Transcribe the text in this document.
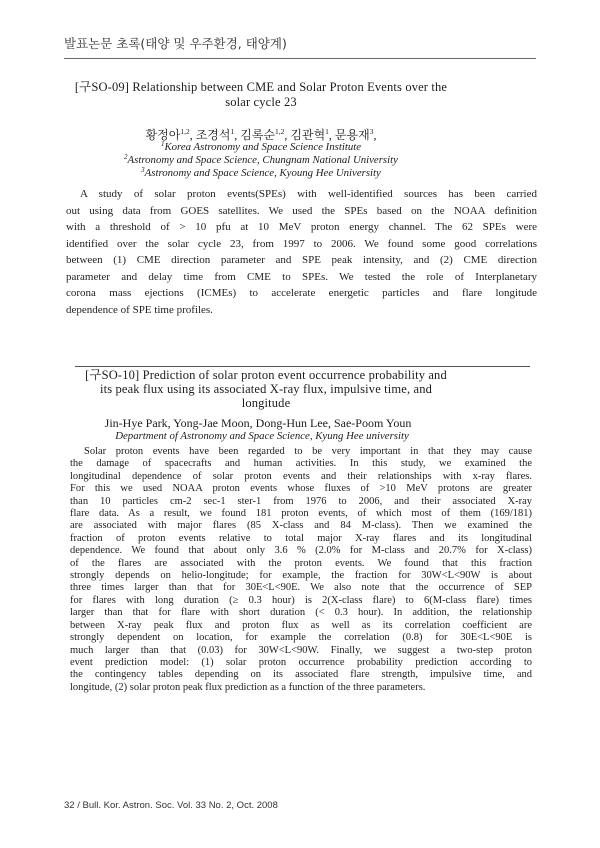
발표논문 초록(태양 및 우주환경, 태양계)
[구SO-09] Relationship between CME and Solar Proton Events over the
solar cycle 23
황정아$^{1,2}$, 조경석$^1$, 김록순$^{1,2}$, 김관혁$^1$, 문용재$^3$,
$^1$Korea Astronomy and Space Science Institute
$^2$Astronomy and Space Science, Chungnam National University
$^3$Astronomy and Space Science, Kyoung Hee University
A study of solar proton events(SPEs) with well-identified sources has been carried
out using data from GOES satellites. We used the SPEs based on the NOAA definition
with a threshold of > 10 pfu at 10 MeV proton energy channel. The 62 SPEs were
identified over the solar cycle 23, from 1997 to 2006. We found some good correlations
between (1) CME direction parameter and SPE peak intensity, and (2) CME direction
parameter and delay time from CME to SPEs. We tested the role of Interplanetary
corona mass ejections (ICMEs) to accelerate energetic particles and flare longitude
dependence of SPE time profiles.
[구SO-10] Prediction of solar proton event occurrence probability and
its peak flux using its associated X-ray flux, impulsive time, and
longitude
Jin-Hye Park, Yong-Jae Moon, Dong-Hun Lee, Sae-Poom Youn
Department of Astronomy and Space Science, Kyung Hee university
Solar proton events have been regarded to be very important in that they may cause
the damage of spacecrafts and human activities. In this study, we examined the
longitudinal dependence of solar proton events and their relationships with x-ray flares.
For this we used NOAA proton events whose fluxes of >10 MeV protons are greater
than 10 particles cm-2 sec-1 ster-1 from 1976 to 2006, and their associated X-ray
flare data. As a result, we found 181 proton events, of which most of them (169/181)
are associated with major flares (85 X-class and 84 M-class). Then we examined the
fraction of proton events relative to total major X-ray flares and its longitudinal
dependence. We found that about only 3.6 % (2.0% for M-class and 20.7% for X-class)
of the flares are associated with the proton events. We found that this fraction
strongly depends on helio-longitude; for example, the fraction for 30W<L<90W is about
three times larger than that for 30E<L<90E. We also note that the occurrence of SEP
for flares with long duration (≥ 0.3 hour) is 2(X-class flare) to 6(M-class flare) times
larger than that for flare with short duration (< 0.3 hour). In addition, the relationship
between X-ray peak flux and proton flux as well as its correlation coefficient are
strongly dependent on location, for example the correlation (0.8) for 30E<L<90E is
much larger than that (0.03) for 30W<L<90W. Finally, we suggest a two-step proton
event prediction model: (1) solar proton occurrence probability prediction according to
the contingency tables depending on its associated flare strength, impulsive time, and
longitude, (2) solar proton peak flux prediction as a function of the three parameters.
32 / Bull. Kor. Astron. Soc. Vol. 33 No. 2, Oct. 2008
